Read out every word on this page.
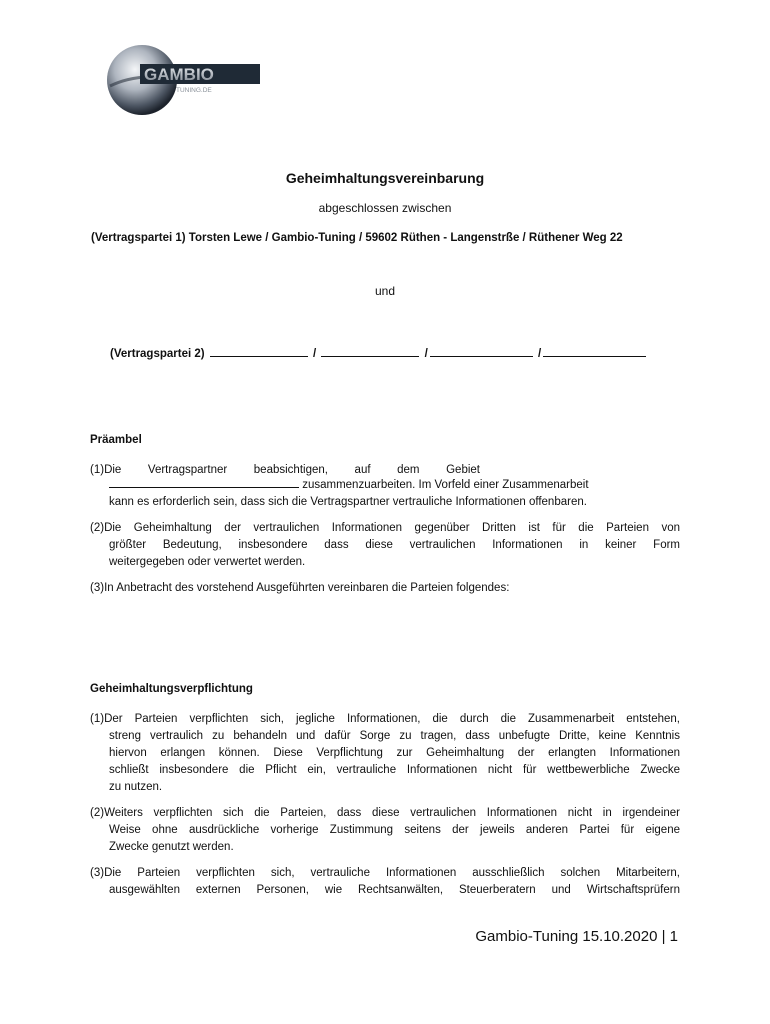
GAMBIO
TUNING.DE
Geheimhaltungsvereinbarung
abgeschlossen zwischen
(Vertragspartei 1) Torsten Lewe / Gambio-Tuning / 59602 Rüthen - Langenstrße / Rüthener Weg 22
und
(Vertragspartei 2)	/	/	/
Präambel
(1)Die Vertragspartner beabsichtigen, auf dem Gebiet
zusammenzuarbeiten. Im Vorfeld einer Zusammenarbeit
kann es erforderlich sein, dass sich die Vertragspartner vertrauliche Informationen offenbaren.
(2)Die Geheimhaltung der vertraulichen Informationen gegenüber Dritten ist für die Parteien von
größter Bedeutung, insbesondere dass diese vertraulichen Informationen in keiner Form
weitergegeben oder verwertet werden.
(3)In Anbetracht des vorstehend Ausgeführten vereinbaren die Parteien folgendes:
Geheimhaltungsverpflichtung
(1)Der Parteien verpflichten sich, jegliche Informationen, die durch die Zusammenarbeit entstehen,
streng vertraulich zu behandeln und dafür Sorge zu tragen, dass unbefugte Dritte, keine Kenntnis
hiervon erlangen können. Diese Verpflichtung zur Geheimhaltung der erlangten Informationen
schließt insbesondere die Pflicht ein, vertrauliche Informationen nicht für wettbewerbliche Zwecke
zu nutzen.
(2)Weiters verpflichten sich die Parteien, dass diese vertraulichen Informationen nicht in irgendeiner
Weise ohne ausdrückliche vorherige Zustimmung seitens der jeweils anderen Partei für eigene
Zwecke genutzt werden.
(3)Die Parteien verpflichten sich, vertrauliche Informationen ausschließlich solchen Mitarbeitern,
ausgewählten externen Personen, wie Rechtsanwälten, Steuerberatern und Wirtschaftsprüfern
Gambio-Tuning 15.10.2020 | 1
